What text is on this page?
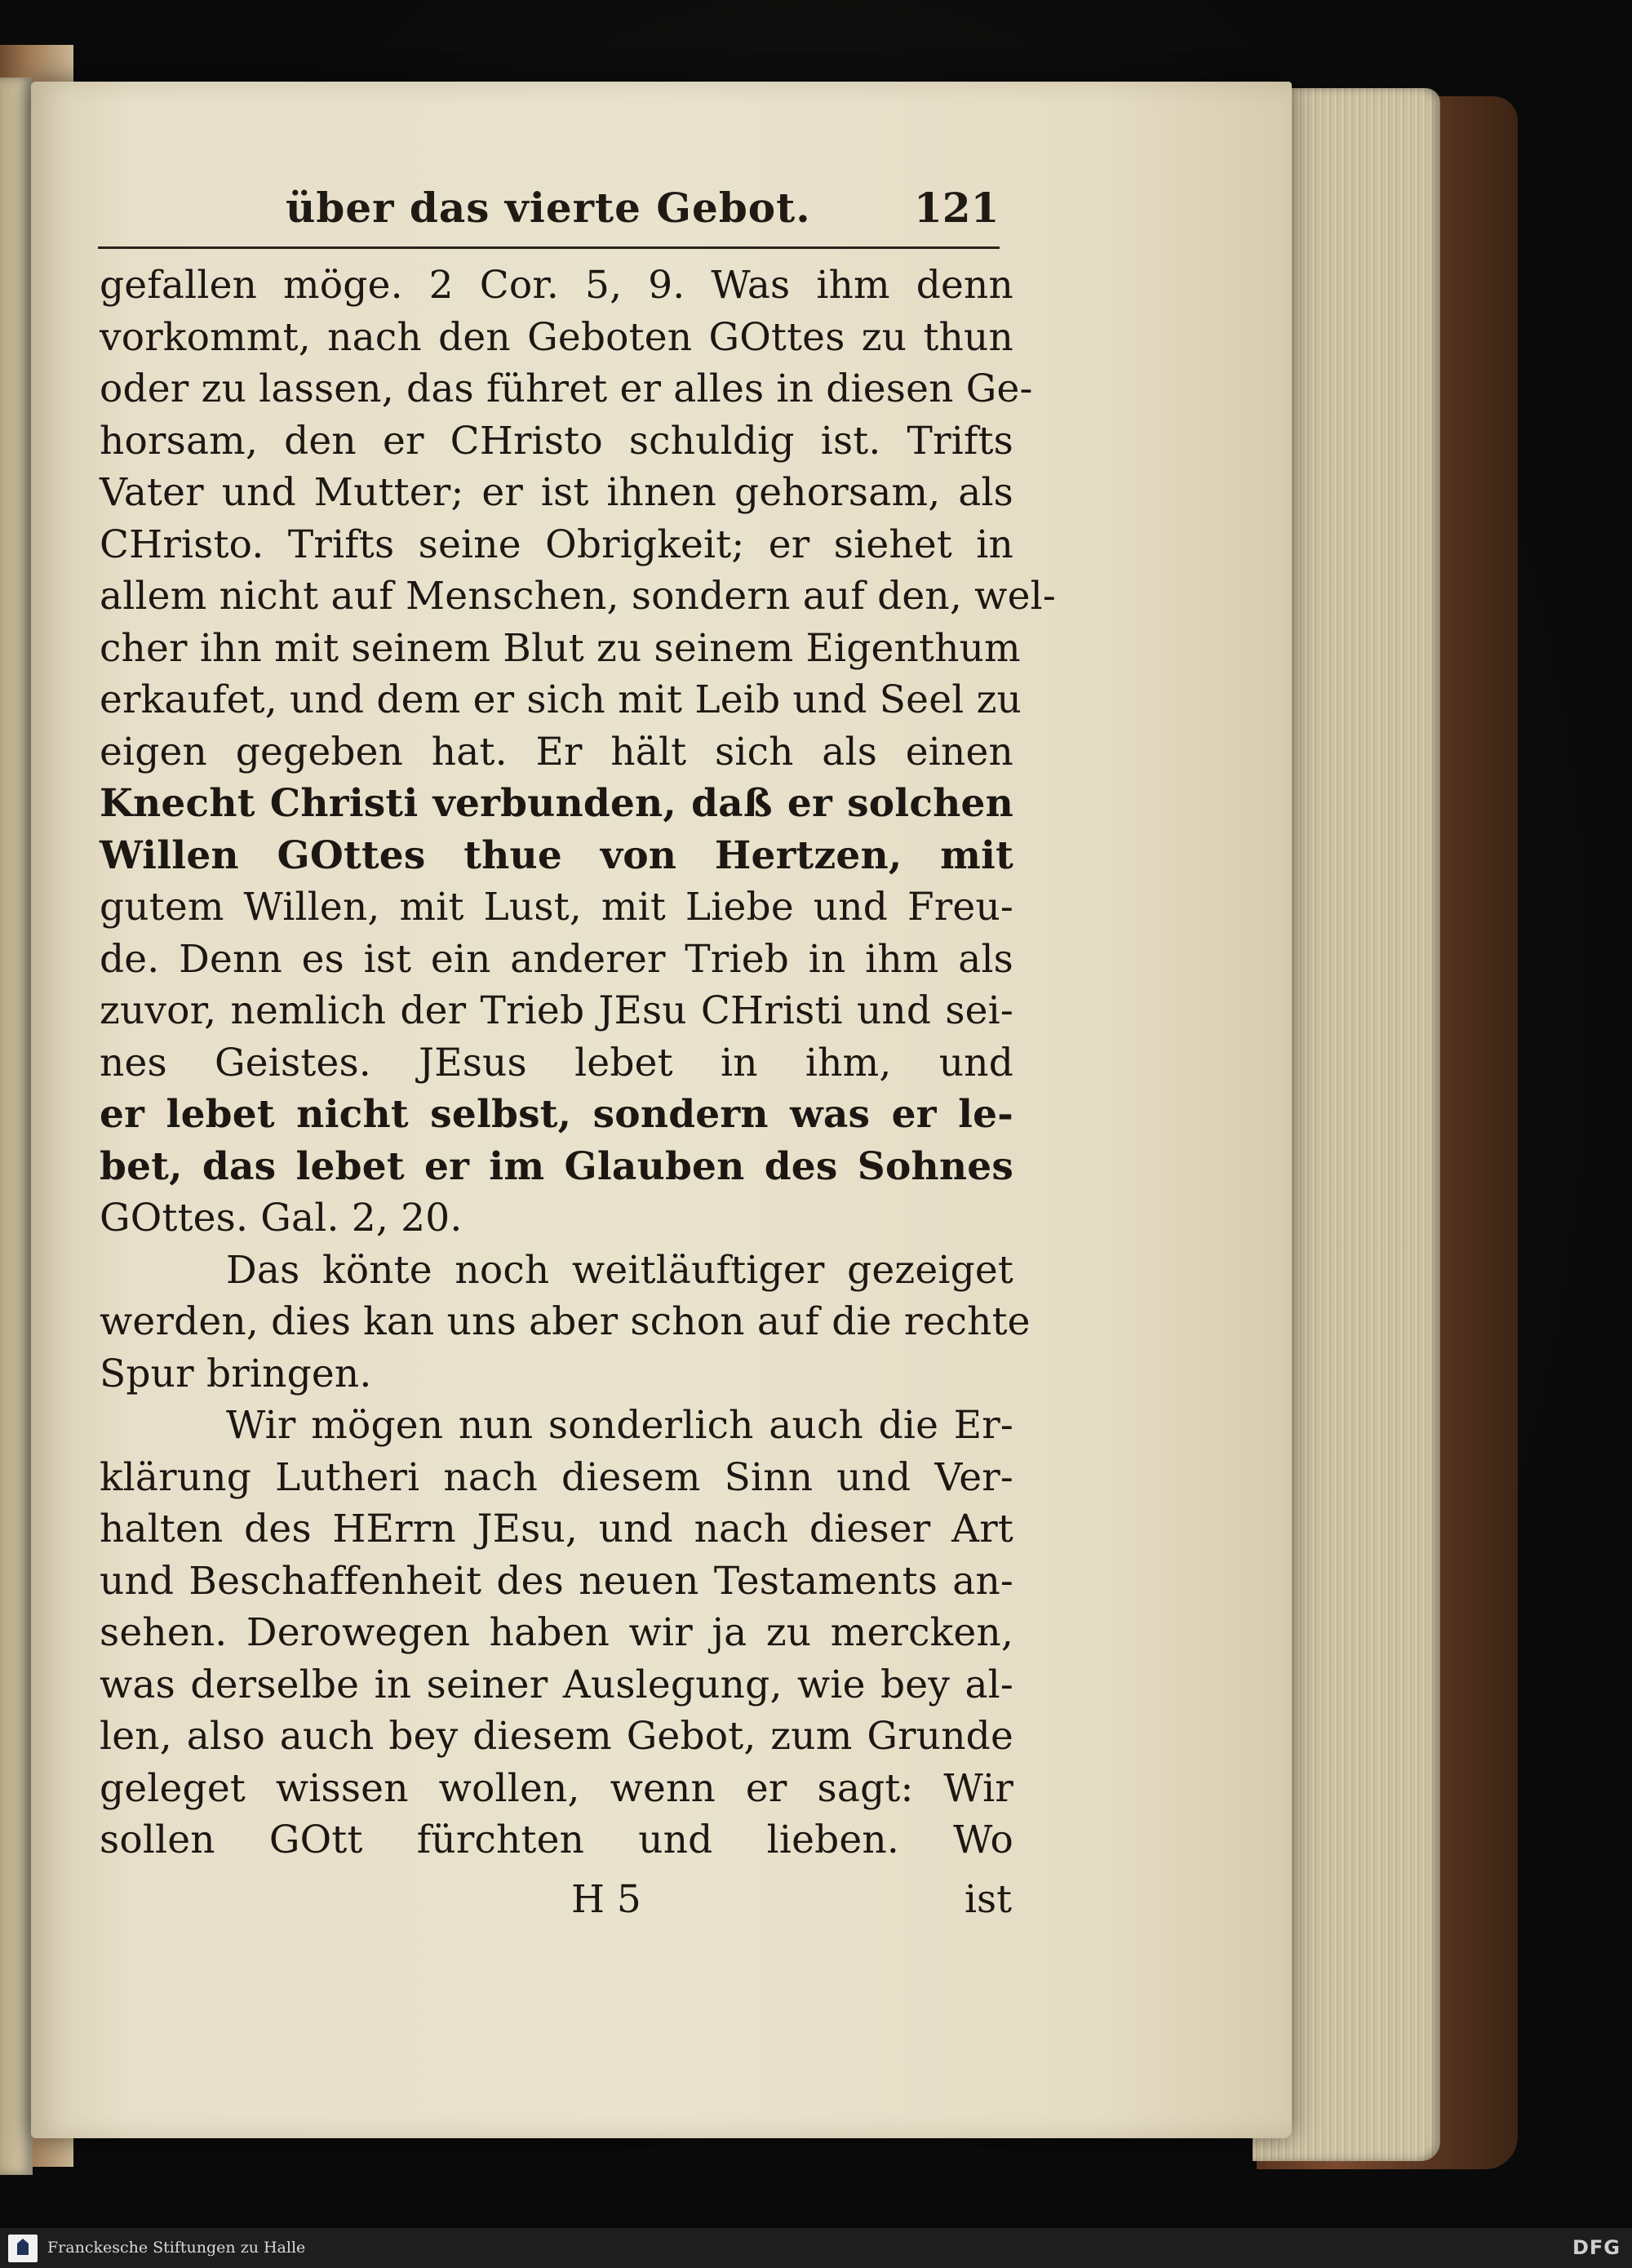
über das vierte Gebot.	121
gefallen möge. 2 Cor. 5, 9. Was ihm denn
vorkommt, nach den Geboten GOttes zu thun
oder zu lassen, das führet er alles in diesen Ge-
horsam, den er CHristo schuldig ist. Trifts
Vater und Mutter; er ist ihnen gehorsam, als
CHristo. Trifts seine Obrigkeit; er siehet in
allem nicht auf Menschen, sondern auf den, wel-
cher ihn mit seinem Blut zu seinem Eigenthum
erkaufet, und dem er sich mit Leib und Seel zu
eigen gegeben hat. Er hält sich als einen
Knecht Christi verbunden, daß er solchen
Willen GOttes thue von Hertzen, mit
gutem Willen, mit Lust, mit Liebe und Freu-
de. Denn es ist ein anderer Trieb in ihm als
zuvor, nemlich der Trieb JEsu CHristi und sei-
nes Geistes. JEsus lebet in ihm, und
er lebet nicht selbst, sondern was er le-
bet, das lebet er im Glauben des Sohnes
GOttes. Gal. 2, 20.
Das könte noch weitläuftiger gezeiget
werden, dies kan uns aber schon auf die rechte
Spur bringen.
Wir mögen nun sonderlich auch die Er-
klärung Lutheri nach diesem Sinn und Ver-
halten des HErrn JEsu, und nach dieser Art
und Beschaffenheit des neuen Testaments an-
sehen. Derowegen haben wir ja zu mercken,
was derselbe in seiner Auslegung, wie bey al-
len, also auch bey diesem Gebot, zum Grunde
geleget wissen wollen, wenn er sagt: Wir
sollen GOtt fürchten und lieben. Wo
H 5	ist
Franckesche Stiftungen zu Halle	DFG
